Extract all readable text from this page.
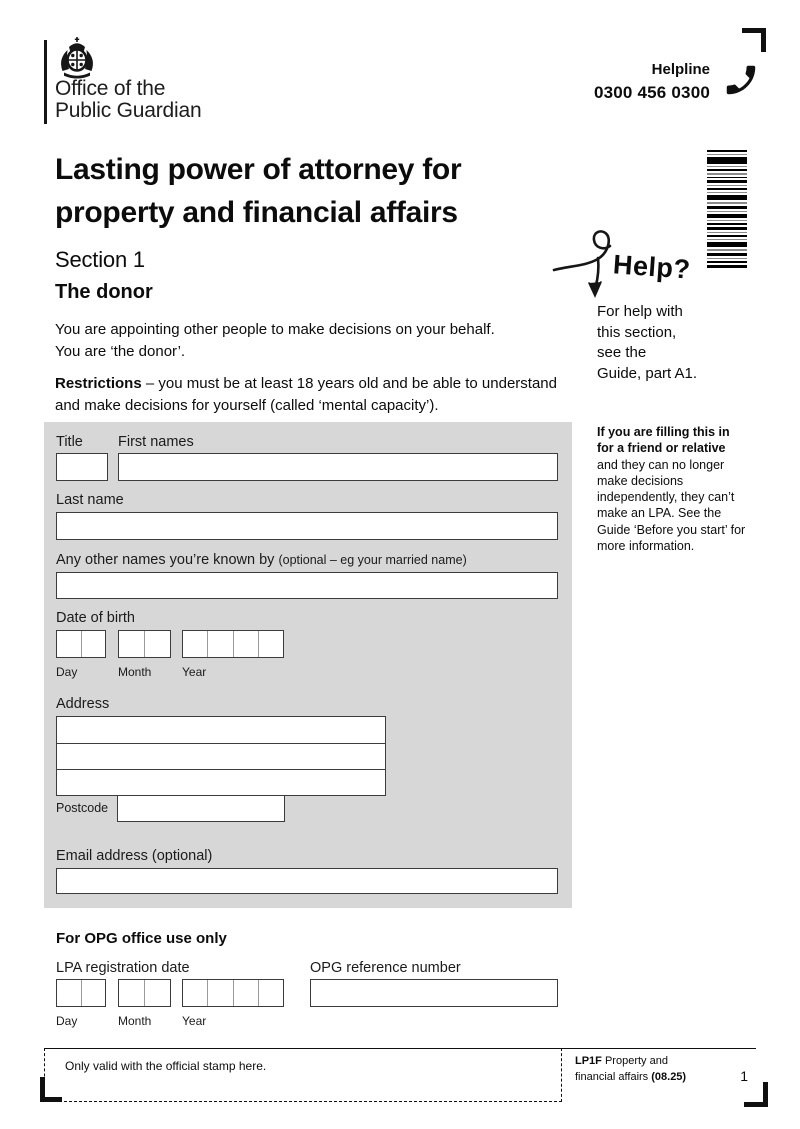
Office of the
Public Guardian
Helpline
0300 456 0300
Lasting power of attorney for
property and financial affairs
Section 1
The donor
You are appointing other people to make decisions on your behalf.
You are ‘the donor’.
Restrictions – you must be at least 18 years old and be able to understand
and make decisions for yourself (called ‘mental capacity’).
Title	First names
Last name
Any other names you’re known by (optional – eg your married name)
Date of birth
Day	Month	Year
Address
Postcode
Email address (optional)
For OPG office use only
LPA registration date	OPG reference number
Day	Month	Year
Help?
For help with
this section,
see the
Guide, part A1.
If you are filling this in for a friend or relative and they can no longer make decisions independently, they can’t make an LPA. See the Guide ‘Before you start’ for more information.
Only valid with the official stamp here.	LP1F Property and
financial affairs (08.25)	1
